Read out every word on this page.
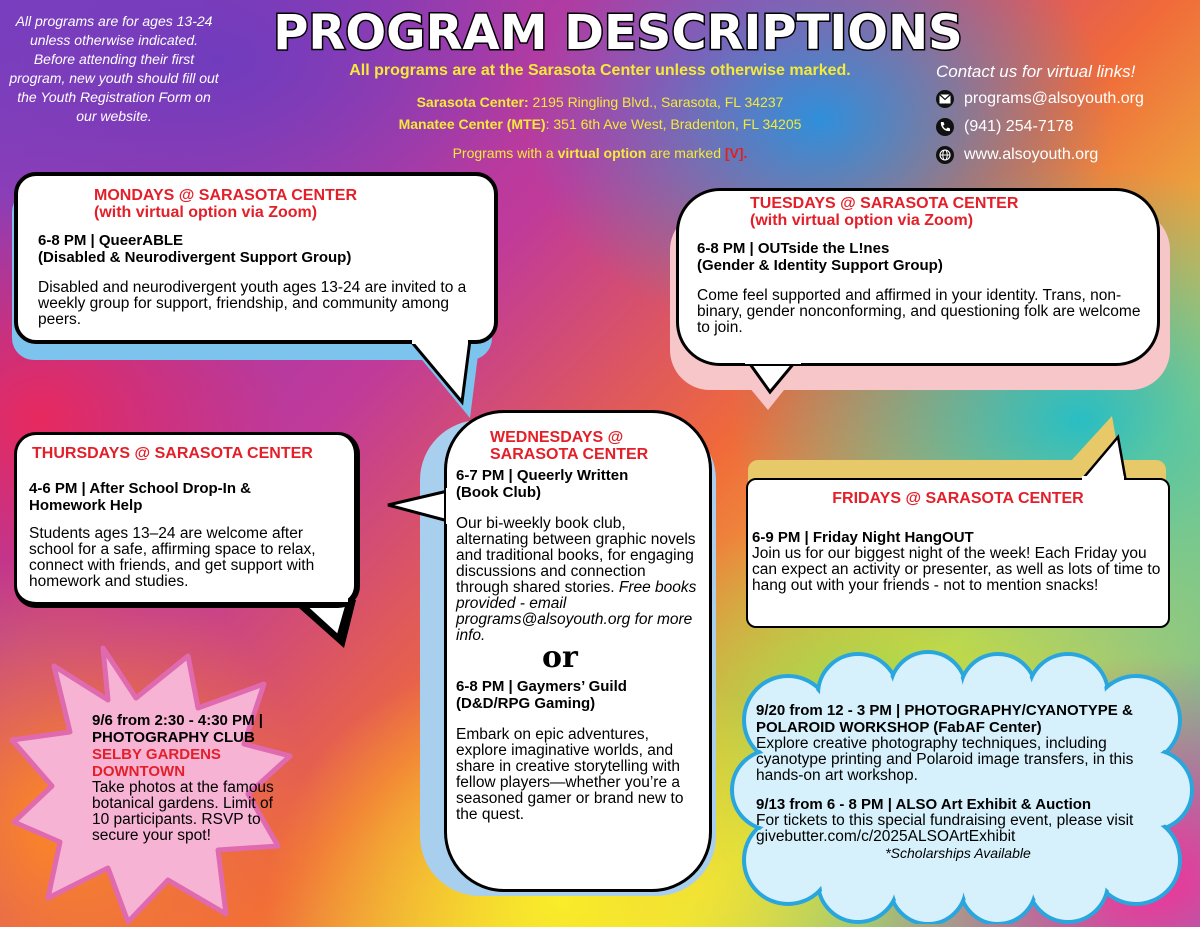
All programs are for ages 13-24 unless otherwise indicated. Before attending their first program, new youth should fill out the Youth Registration Form on our website.
PROGRAM DESCRIPTIONS
All programs are at the Sarasota Center unless otherwise marked.
Sarasota Center: 2195 Ringling Blvd., Sarasota, FL 34237
Manatee Center (MTE): 351 6th Ave West, Bradenton, FL 34205
Programs with a virtual option are marked [V].
Contact us for virtual links!
programs@alsoyouth.org
(941) 254-7178
www.alsoyouth.org
MONDAYS @ SARASOTA CENTER
(with virtual option via Zoom)
6-8 PM | QueerABLE
(Disabled & Neurodivergent Support Group)
Disabled and neurodivergent youth ages 13-24 are invited to a weekly group for support, friendship, and community among peers.
TUESDAYS @ SARASOTA CENTER
(with virtual option via Zoom)
6-8 PM | OUTside the L!nes
(Gender & Identity Support Group)
Come feel supported and affirmed in your identity. Trans, non-binary, gender nonconforming, and questioning folk are welcome to join.
THURSDAYS @ SARASOTA CENTER
4-6 PM | After School Drop-In & Homework Help
Students ages 13–24 are welcome after school for a safe, affirming space to relax, connect with friends, and get support with homework and studies.
WEDNESDAYS @
SARASOTA CENTER
6-7 PM | Queerly Written
(Book Club)
Our bi-weekly book club, alternating between graphic novels and traditional books, for engaging discussions and connection through shared stories. Free books provided - email programs@alsoyouth.org for more info.
or
6-8 PM | Gaymers’ Guild
(D&D/RPG Gaming)
Embark on epic adventures, explore imaginative worlds, and share in creative storytelling with fellow players—whether you’re a seasoned gamer or brand new to the quest.
FRIDAYS @ SARASOTA CENTER
6-9 PM | Friday Night HangOUT
Join us for our biggest night of the week! Each Friday you can expect an activity or presenter, as well as lots of time to hang out with your friends - not to mention snacks!
9/6 from 2:30 - 4:30 PM | PHOTOGRAPHY CLUB SELBY GARDENS DOWNTOWN
Take photos at the famous botanical gardens. Limit of 10 participants. RSVP to secure your spot!
9/20 from 12 - 3 PM | PHOTOGRAPHY/CYANOTYPE & POLAROID WORKSHOP (FabAF Center)
Explore creative photography techniques, including cyanotype printing and Polaroid image transfers, in this hands-on art workshop.
9/13 from 6 - 8 PM | ALSO Art Exhibit & Auction
For tickets to this special fundraising event, please visit givebutter.com/c/2025ALSOArtExhibit
*Scholarships Available
